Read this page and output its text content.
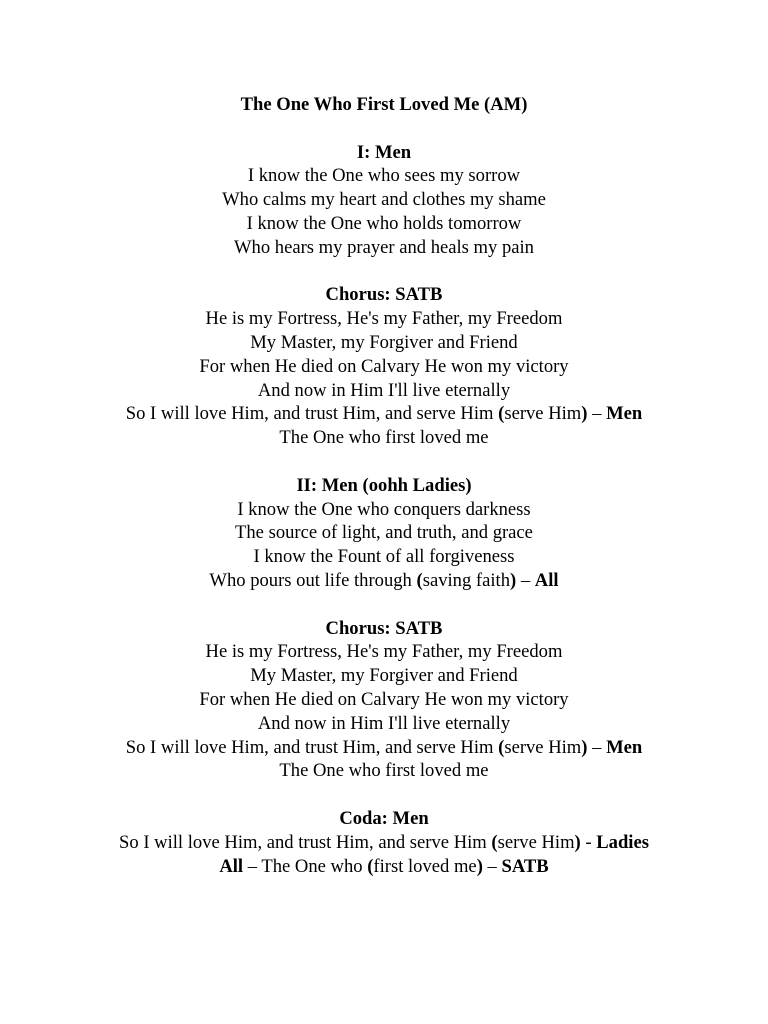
The One Who First Loved Me (AM)
I: Men
I know the One who sees my sorrow
Who calms my heart and clothes my shame
I know the One who holds tomorrow
Who hears my prayer and heals my pain
Chorus: SATB
He is my Fortress, He's my Father, my Freedom
My Master, my Forgiver and Friend
For when He died on Calvary He won my victory
And now in Him I'll live eternally
So I will love Him, and trust Him, and serve Him (serve Him) – Men
The One who first loved me
II: Men (oohh Ladies)
I know the One who conquers darkness
The source of light, and truth, and grace
I know the Fount of all forgiveness
Who pours out life through (saving faith) – All
Chorus: SATB
He is my Fortress, He's my Father, my Freedom
My Master, my Forgiver and Friend
For when He died on Calvary He won my victory
And now in Him I'll live eternally
So I will love Him, and trust Him, and serve Him (serve Him) – Men
The One who first loved me
Coda: Men
So I will love Him, and trust Him, and serve Him (serve Him) - Ladies
All – The One who (first loved me) – SATB
